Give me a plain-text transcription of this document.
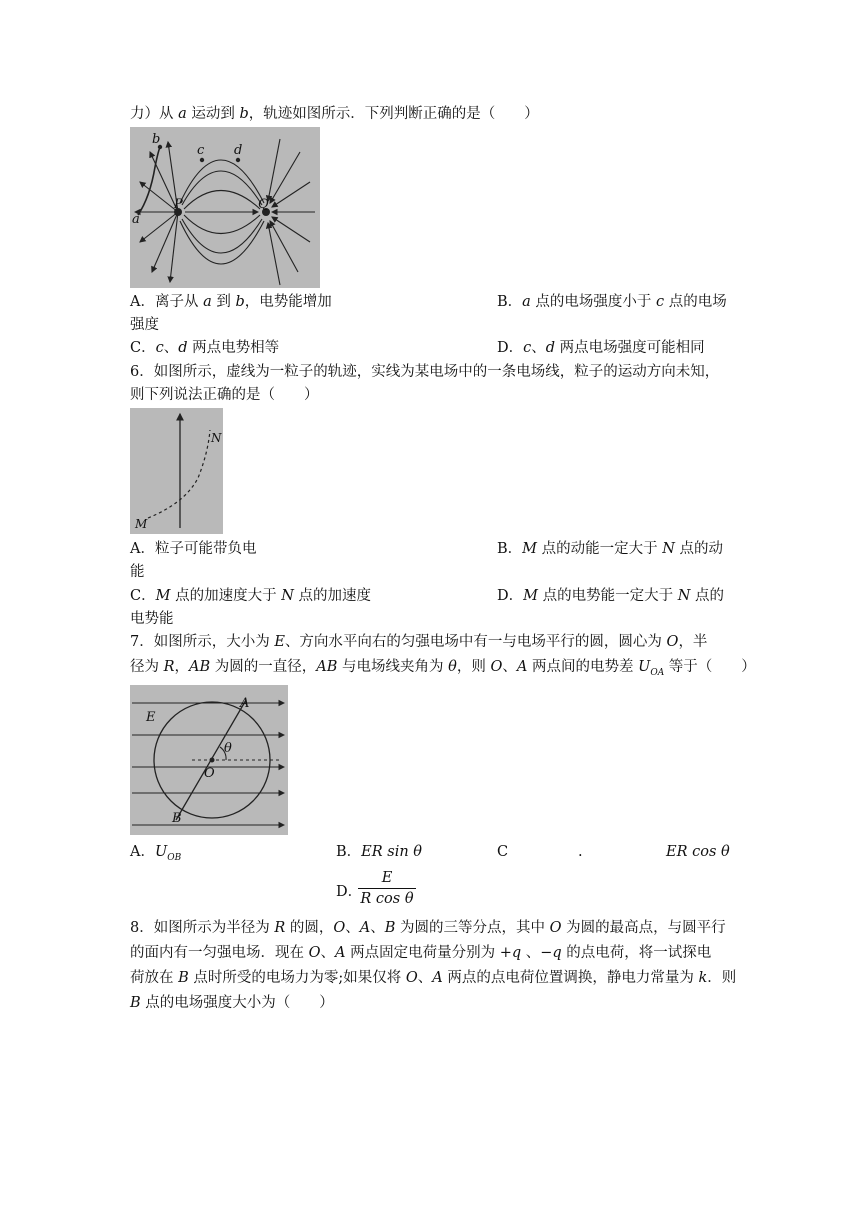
力）从 a 运动到 b，轨迹如图所示．下列判断正确的是（　　）
a
b
c d
P	Q
A．离子从 a 到 b，电势能增加	B．a 点的电场强度小于 c 点的电场
强度
C．c、d 两点电势相等	D．c、d 两点电场强度可能相同
6．如图所示，虚线为一粒子的轨迹，实线为某电场中的一条电场线，粒子的运动方向未知，
则下列说法正确的是（　　）
M
N
A．粒子可能带负电	B．M 点的动能一定大于 N 点的动
能
C．M 点的加速度大于 N 点的加速度	D．M 点的电势能一定大于 N 点的
电势能
7．如图所示，大小为 E、方向水平向右的匀强电场中有一与电场平行的圆，圆心为 O，半
径为 R，AB 为圆的一直径，AB 与电场线夹角为 θ，则 O、A 两点间的电势差 $U_{OA}$ 等于（　　）
E
A
B
O
θ
A．$U_{OB}$	B．ER sin θ	C	.	ER cos θ
D．
E
R cos θ
8．如图所示为半径为 R 的圆，O、A、B 为圆的三等分点，其中 O 为圆的最高点，与圆平行
的面内有一匀强电场．现在 O、A 两点固定电荷量分别为 +q 、−q 的点电荷，将一试探电
荷放在 B 点时所受的电场力为零;如果仅将 O、A 两点的点电荷位置调换，静电力常量为 k．则
B 点的电场强度大小为（　　）
